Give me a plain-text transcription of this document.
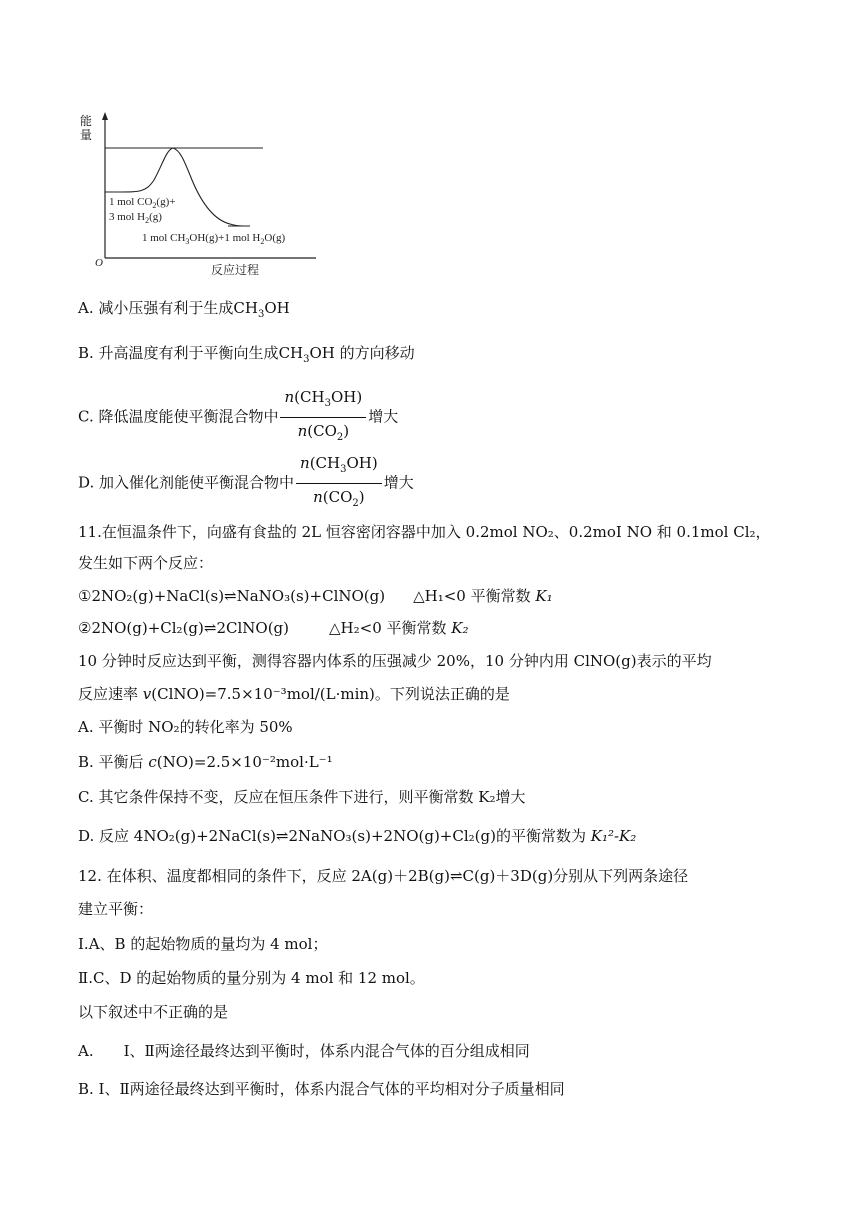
O	反应过程
1 mol $CO_2(g)+$
3 mol $H_2(g)$
1 mol $CH_3OH(g)+1$ mol $H_2O(g)$
能量
A. 减小压强有利于生成$CH_3OH$
B. 升高温度有利于平衡向生成$CH_3OH$ 的方向移动
C. 降低温度能使平衡混合物中 $\frac{n(CH_3OH)}{n(CO_2)}$ 增大
D. 加入催化剂能使平衡混合物中 $\frac{n(CH_3OH)}{n(CO_2)}$ 增大
11.在恒温条件下，向盛有食盐的 2L 恒容密闭容器中加入 0.2mol NO₂、0.2moI NO 和 0.1mol Cl₂，
发生如下两个反应：
①2NO₂(g)+NaCl(s)⇌NaNO₃(s)+ClNO(g) △H₁<0 平衡常数 K₁
②2NO(g)+Cl₂(g)⇌2ClNO(g)	△H₂<0 平衡常数 K₂
10 分钟时反应达到平衡，测得容器内体系的压强减少 20%，10 分钟内用 ClNO(g)表示的平均
反应速率 v(ClNO)=7.5×10⁻³mol/(L·min)。下列说法正确的是
A. 平衡时 NO₂的转化率为 50%
B. 平衡后 c(NO)=2.5×10⁻²mol·L⁻¹
C. 其它条件保持不变，反应在恒压条件下进行，则平衡常数 K₂增大
D. 反应 4NO₂(g)+2NaCl(s)⇌2NaNO₃(s)+2NO(g)+Cl₂(g)的平衡常数为 K₁²-K₂
12. 在体积、温度都相同的条件下，反应 2A(g)＋2B(g)⇌C(g)＋3D(g)分别从下列两条途径
建立平衡：
Ⅰ.A、B 的起始物质的量均为 4 mol；
Ⅱ.C、D 的起始物质的量分别为 4 mol 和 12 mol。
以下叙述中不正确的是
A.　　Ⅰ、Ⅱ两途径最终达到平衡时，体系内混合气体的百分组成相同
B. Ⅰ、Ⅱ两途径最终达到平衡时，体系内混合气体的平均相对分子质量相同
